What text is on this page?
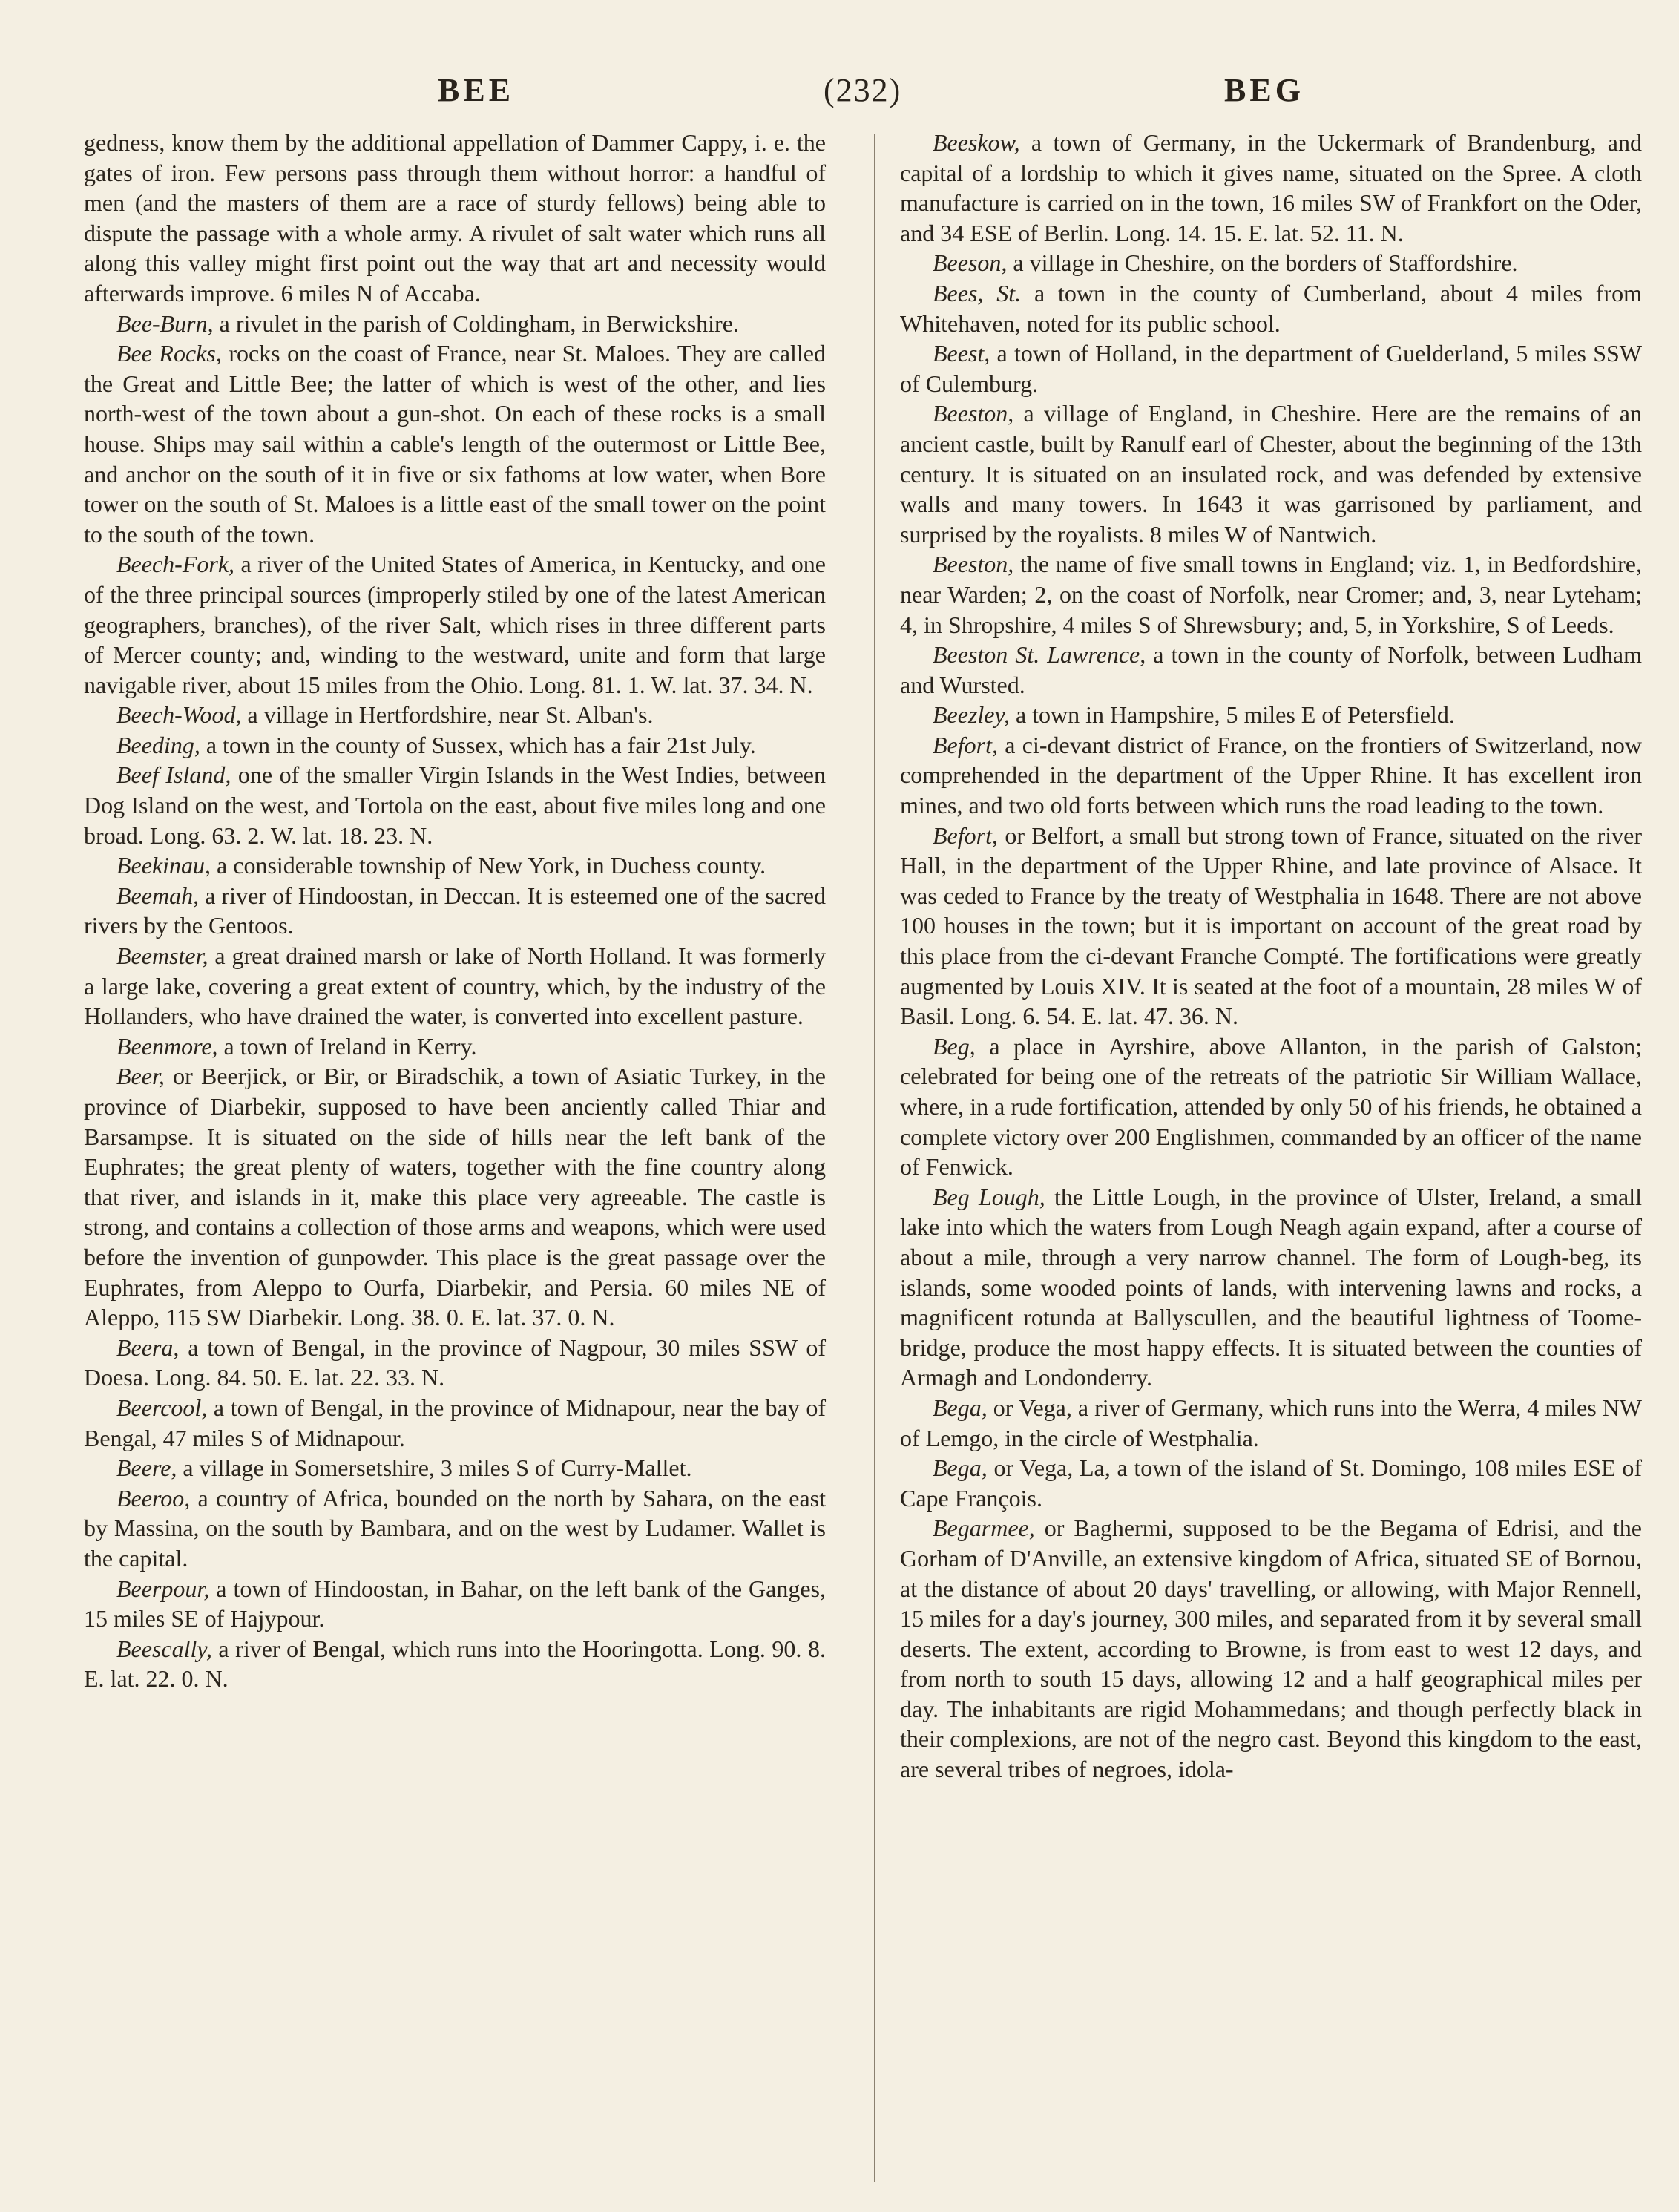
BEE	(232)	BEG

gedness, know them by the additional appellation of Dammer Cappy, i. e. the gates of iron. Few persons pass through them without horror: a handful of men (and the masters of them are a race of sturdy fellows) being able to dispute the passage with a whole army. A rivulet of salt water which runs all along this valley might first point out the way that art and necessity would afterwards improve. 6 miles N of Accaba.

Bee-Burn, a rivulet in the parish of Coldingham, in Berwickshire.

Bee Rocks, rocks on the coast of France, near St. Maloes. They are called the Great and Little Bee; the latter of which is west of the other, and lies north-west of the town about a gun-shot. On each of these rocks is a small house. Ships may sail within a cable's length of the outermost or Little Bee, and anchor on the south of it in five or six fathoms at low water, when Bore tower on the south of St. Maloes is a little east of the small tower on the point to the south of the town.

Beech-Fork, a river of the United States of America, in Kentucky, and one of the three principal sources (improperly stiled by one of the latest American geographers, branches), of the river Salt, which rises in three different parts of Mercer county; and, winding to the westward, unite and form that large navigable river, about 15 miles from the Ohio. Long. 81. 1. W. lat. 37. 34. N.

Beech-Wood, a village in Hertfordshire, near St. Alban's.

Beeding, a town in the county of Sussex, which has a fair 21st July.

Beef Island, one of the smaller Virgin Islands in the West Indies, between Dog Island on the west, and Tortola on the east, about five miles long and one broad. Long. 63. 2. W. lat. 18. 23. N.

Beekinau, a considerable township of New York, in Duchess county.

Beemah, a river of Hindoostan, in Deccan. It is esteemed one of the sacred rivers by the Gentoos.

Beemster, a great drained marsh or lake of North Holland. It was formerly a large lake, covering a great extent of country, which, by the industry of the Hollanders, who have drained the water, is converted into excellent pasture.

Beenmore, a town of Ireland in Kerry.

Beer, or Beerjick, or Bir, or Biradschik, a town of Asiatic Turkey, in the province of Diarbekir, supposed to have been anciently called Thiar and Barsampse. It is situated on the side of hills near the left bank of the Euphrates; the great plenty of waters, together with the fine country along that river, and islands in it, make this place very agreeable. The castle is strong, and contains a collection of those arms and weapons, which were used before the invention of gunpowder. This place is the great passage over the Euphrates, from Aleppo to Ourfa, Diarbekir, and Persia. 60 miles NE of Aleppo, 115 SW Diarbekir. Long. 38. 0. E. lat. 37. 0. N.

Beera, a town of Bengal, in the province of Nagpour, 30 miles SSW of Doesa. Long. 84. 50. E. lat. 22. 33. N.

Beercool, a town of Bengal, in the province of Midnapour, near the bay of Bengal, 47 miles S of Midnapour.

Beere, a village in Somersetshire, 3 miles S of Curry-Mallet.

Beeroo, a country of Africa, bounded on the north by Sahara, on the east by Massina, on the south by Bambara, and on the west by Ludamer. Wallet is the capital.

Beerpour, a town of Hindoostan, in Bahar, on the left bank of the Ganges, 15 miles SE of Hajypour.

Beescally, a river of Bengal, which runs into the Hooringotta. Long. 90. 8. E. lat. 22. 0. N.

Beeskow, a town of Germany, in the Uckermark of Brandenburg, and capital of a lordship to which it gives name, situated on the Spree. A cloth manufacture is carried on in the town, 16 miles SW of Frankfort on the Oder, and 34 ESE of Berlin. Long. 14. 15. E. lat. 52. 11. N.

Beeson, a village in Cheshire, on the borders of Staffordshire.

Bees, St. a town in the county of Cumberland, about 4 miles from Whitehaven, noted for its public school.

Beest, a town of Holland, in the department of Guelderland, 5 miles SSW of Culemburg.

Beeston, a village of England, in Cheshire. Here are the remains of an ancient castle, built by Ranulf earl of Chester, about the beginning of the 13th century. It is situated on an insulated rock, and was defended by extensive walls and many towers. In 1643 it was garrisoned by parliament, and surprised by the royalists. 8 miles W of Nantwich.

Beeston, the name of five small towns in England; viz. 1, in Bedfordshire, near Warden; 2, on the coast of Norfolk, near Cromer; and, 3, near Lyteham; 4, in Shropshire, 4 miles S of Shrewsbury; and, 5, in Yorkshire, S of Leeds.

Beeston St. Lawrence, a town in the county of Norfolk, between Ludham and Wursted.

Beezley, a town in Hampshire, 5 miles E of Petersfield.

Befort, a ci-devant district of France, on the frontiers of Switzerland, now comprehended in the department of the Upper Rhine. It has excellent iron mines, and two old forts between which runs the road leading to the town.

Befort, or Belfort, a small but strong town of France, situated on the river Hall, in the department of the Upper Rhine, and late province of Alsace. It was ceded to France by the treaty of Westphalia in 1648. There are not above 100 houses in the town; but it is important on account of the great road by this place from the ci-devant Franche Compté. The fortifications were greatly augmented by Louis XIV. It is seated at the foot of a mountain, 28 miles W of Basil. Long. 6. 54. E. lat. 47. 36. N.

Beg, a place in Ayrshire, above Allanton, in the parish of Galston; celebrated for being one of the retreats of the patriotic Sir William Wallace, where, in a rude fortification, attended by only 50 of his friends, he obtained a complete victory over 200 Englishmen, commanded by an officer of the name of Fenwick.

Beg Lough, the Little Lough, in the province of Ulster, Ireland, a small lake into which the waters from Lough Neagh again expand, after a course of about a mile, through a very narrow channel. The form of Lough-beg, its islands, some wooded points of lands, with intervening lawns and rocks, a magnificent rotunda at Ballyscullen, and the beautiful lightness of Toome-bridge, produce the most happy effects. It is situated between the counties of Armagh and Londonderry.

Bega, or Vega, a river of Germany, which runs into the Werra, 4 miles NW of Lemgo, in the circle of Westphalia.

Bega, or Vega, La, a town of the island of St. Domingo, 108 miles ESE of Cape François.

Begarmee, or Baghermi, supposed to be the Begama of Edrisi, and the Gorham of D'Anville, an extensive kingdom of Africa, situated SE of Bornou, at the distance of about 20 days' travelling, or allowing, with Major Rennell, 15 miles for a day's journey, 300 miles, and separated from it by several small deserts. The extent, according to Browne, is from east to west 12 days, and from north to south 15 days, allowing 12 and a half geographical miles per day. The inhabitants are rigid Mohammedans; and though perfectly black in their complexions, are not of the negro cast. Beyond this kingdom to the east, are several tribes of negroes, idola-
